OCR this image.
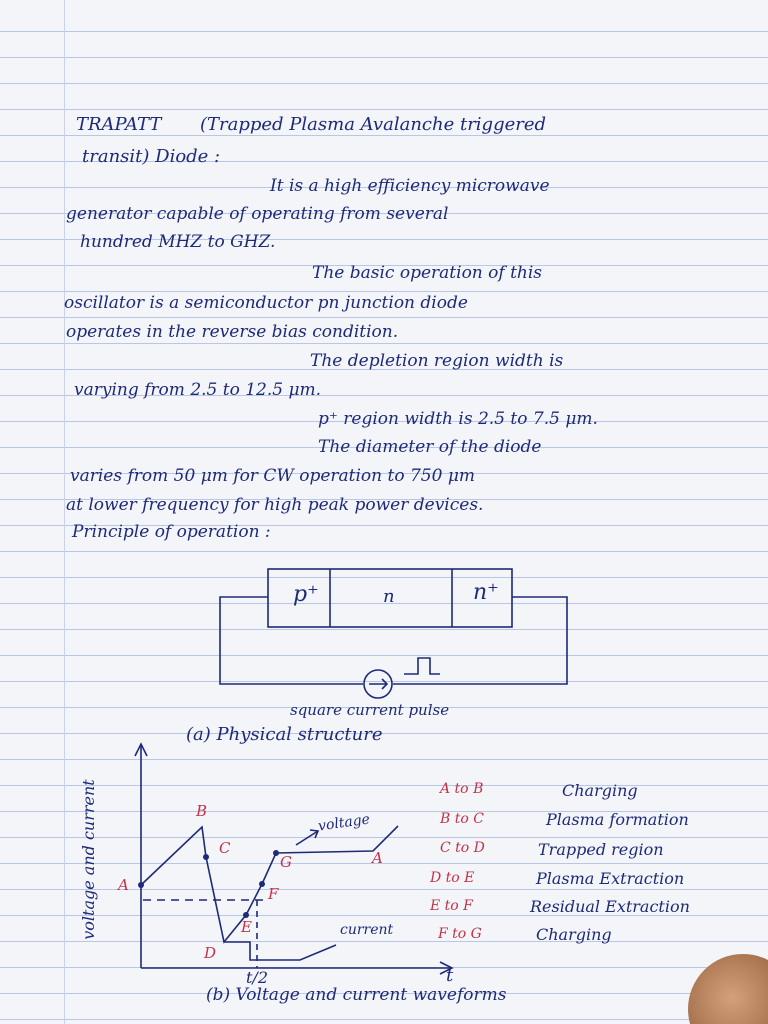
TRAPATT (Trapped Plasma Avalanche triggered
transit) Diode :
It is a high efficiency microwave
generator capable of operating from several
hundred MHZ to GHZ.
The basic operation of this
oscillator is a semiconductor pn junction diode
operates in the reverse bias condition.
The depletion region width is
varying from 2.5 to 12.5 μm.
p⁺ region width is 2.5 to 7.5 μm.
The diameter of the diode
varies from 50 μm for CW operation to 750 μm
at lower frequency for high peak power devices.
Principle of operation :
p⁺	n	n⁺
square current pulse
(a) Physical structure
voltage and current
t
t/2
A
B
C
D
E
F
G	A
voltage
current
(b) Voltage and current waveforms
A to B	Charging
B to C	Plasma formation
C to D	Trapped region
D to E	Plasma Extraction
E to F	Residual Extraction
F to G	Charging
